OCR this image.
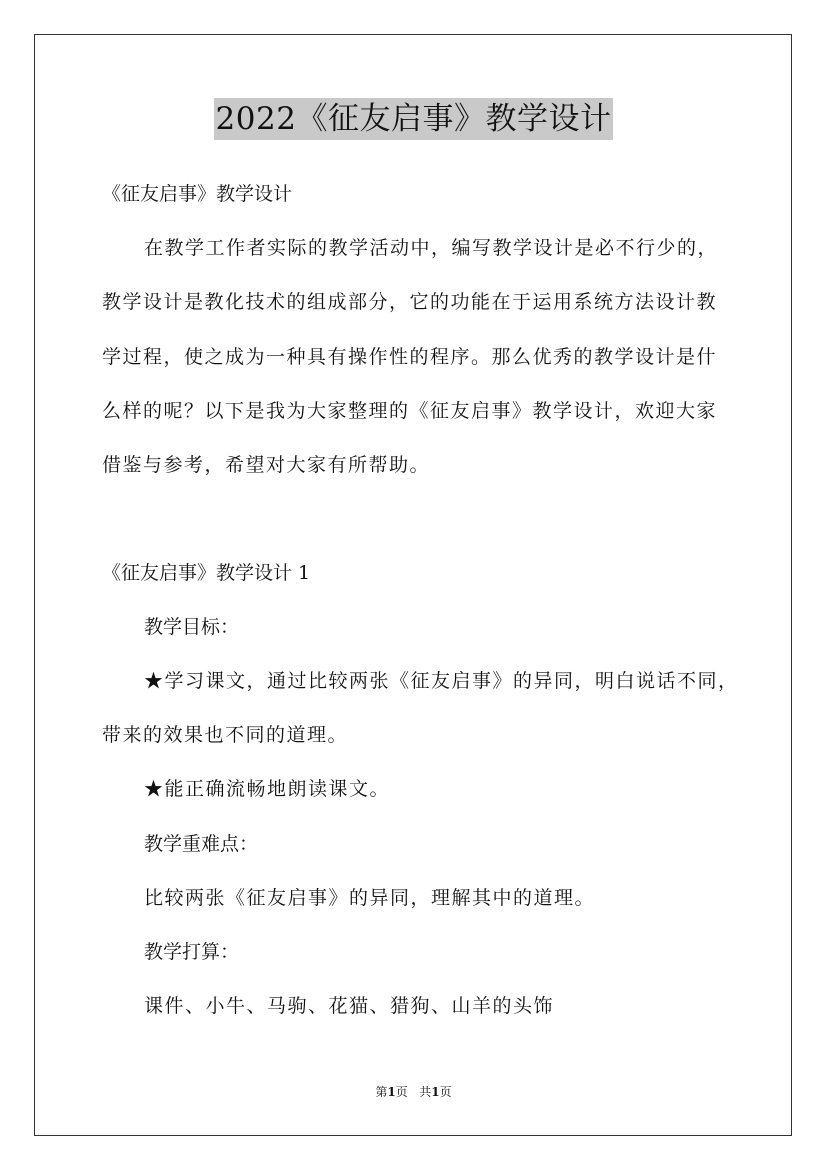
2022《征友启事》教学设计
《征友启事》教学设计
在教学工作者实际的教学活动中，编写教学设计是必不行少的，
教学设计是教化技术的组成部分，它的功能在于运用系统方法设计教
学过程，使之成为一种具有操作性的程序。那么优秀的教学设计是什
么样的呢？以下是我为大家整理的《征友启事》教学设计，欢迎大家
借鉴与参考，希望对大家有所帮助。
《征友启事》教学设计 1
教学目标：
★学习课文，通过比较两张《征友启事》的异同，明白说话不同，
带来的效果也不同的道理。
★能正确流畅地朗读课文。
教学重难点：
比较两张《征友启事》的异同，理解其中的道理。
教学打算：
课件、小牛、马驹、花猫、猎狗、山羊的头饰
第1页 共1页
